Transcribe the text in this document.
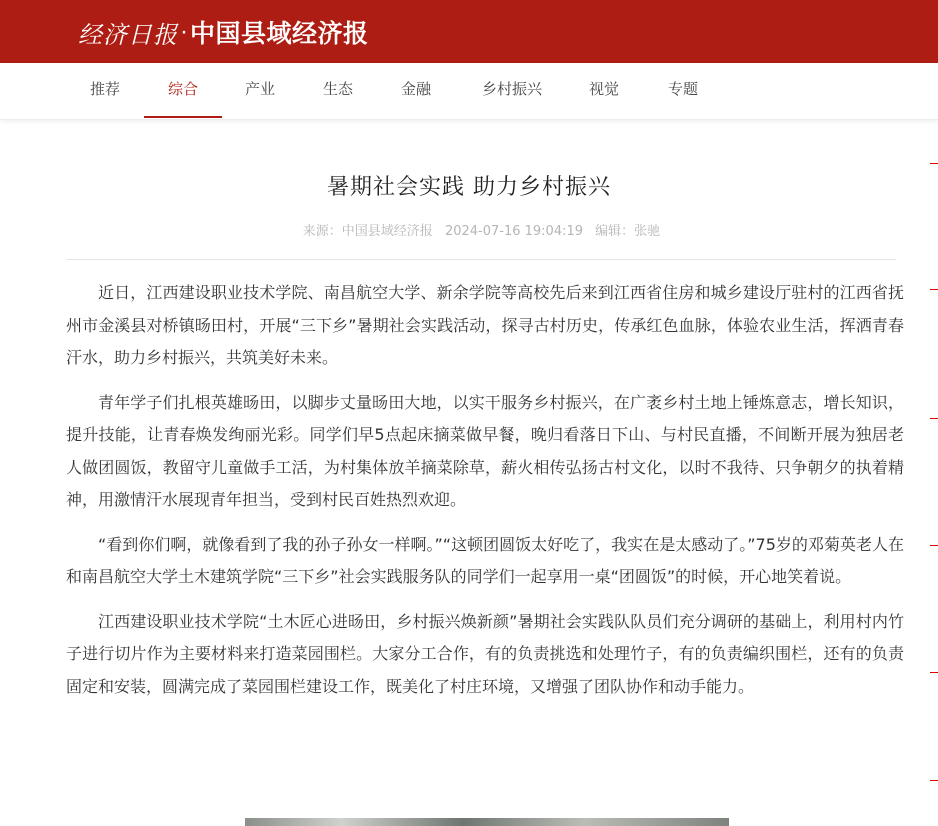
经济日报 · 中国县域经济报
推荐	综合	产业	生态	金融	乡村振兴	视觉	专题
暑期社会实践 助力乡村振兴
来源：中国县域经济报 2024-07-16 19:04:19 编辑：张驰

近日，江西建设职业技术学院、南昌航空大学、新余学院等高校先后来到江西省住房和城乡建设厅驻村的江西省抚州市金溪县对桥镇旸田村，开展“三下乡”暑期社会实践活动，探寻古村历史，传承红色血脉，体验农业生活，挥洒青春汗水，助力乡村振兴，共筑美好未来。

青年学子们扎根英雄旸田，以脚步丈量旸田大地，以实干服务乡村振兴，在广袤乡村土地上锤炼意志，增长知识，提升技能，让青春焕发绚丽光彩。同学们早5点起床摘菜做早餐，晚归看落日下山、与村民直播，不间断开展为独居老人做团圆饭，教留守儿童做手工活，为村集体放羊摘菜除草，薪火相传弘扬古村文化，以时不我待、只争朝夕的执着精神，用激情汗水展现青年担当，受到村民百姓热烈欢迎。

“看到你们啊，就像看到了我的孙子孙女一样啊。”“这顿团圆饭太好吃了，我实在是太感动了。”75岁的邓菊英老人在和南昌航空大学土木建筑学院“三下乡”社会实践服务队的同学们一起享用一桌“团圆饭”的时候，开心地笑着说。

江西建设职业技术学院“土木匠心进旸田，乡村振兴焕新颜”暑期社会实践队队员们充分调研的基础上，利用村内竹子进行切片作为主要材料来打造菜园围栏。大家分工合作，有的负责挑选和处理竹子，有的负责编织围栏，还有的负责固定和安装，圆满完成了菜园围栏建设工作，既美化了村庄环境，又增强了团队协作和动手能力。
